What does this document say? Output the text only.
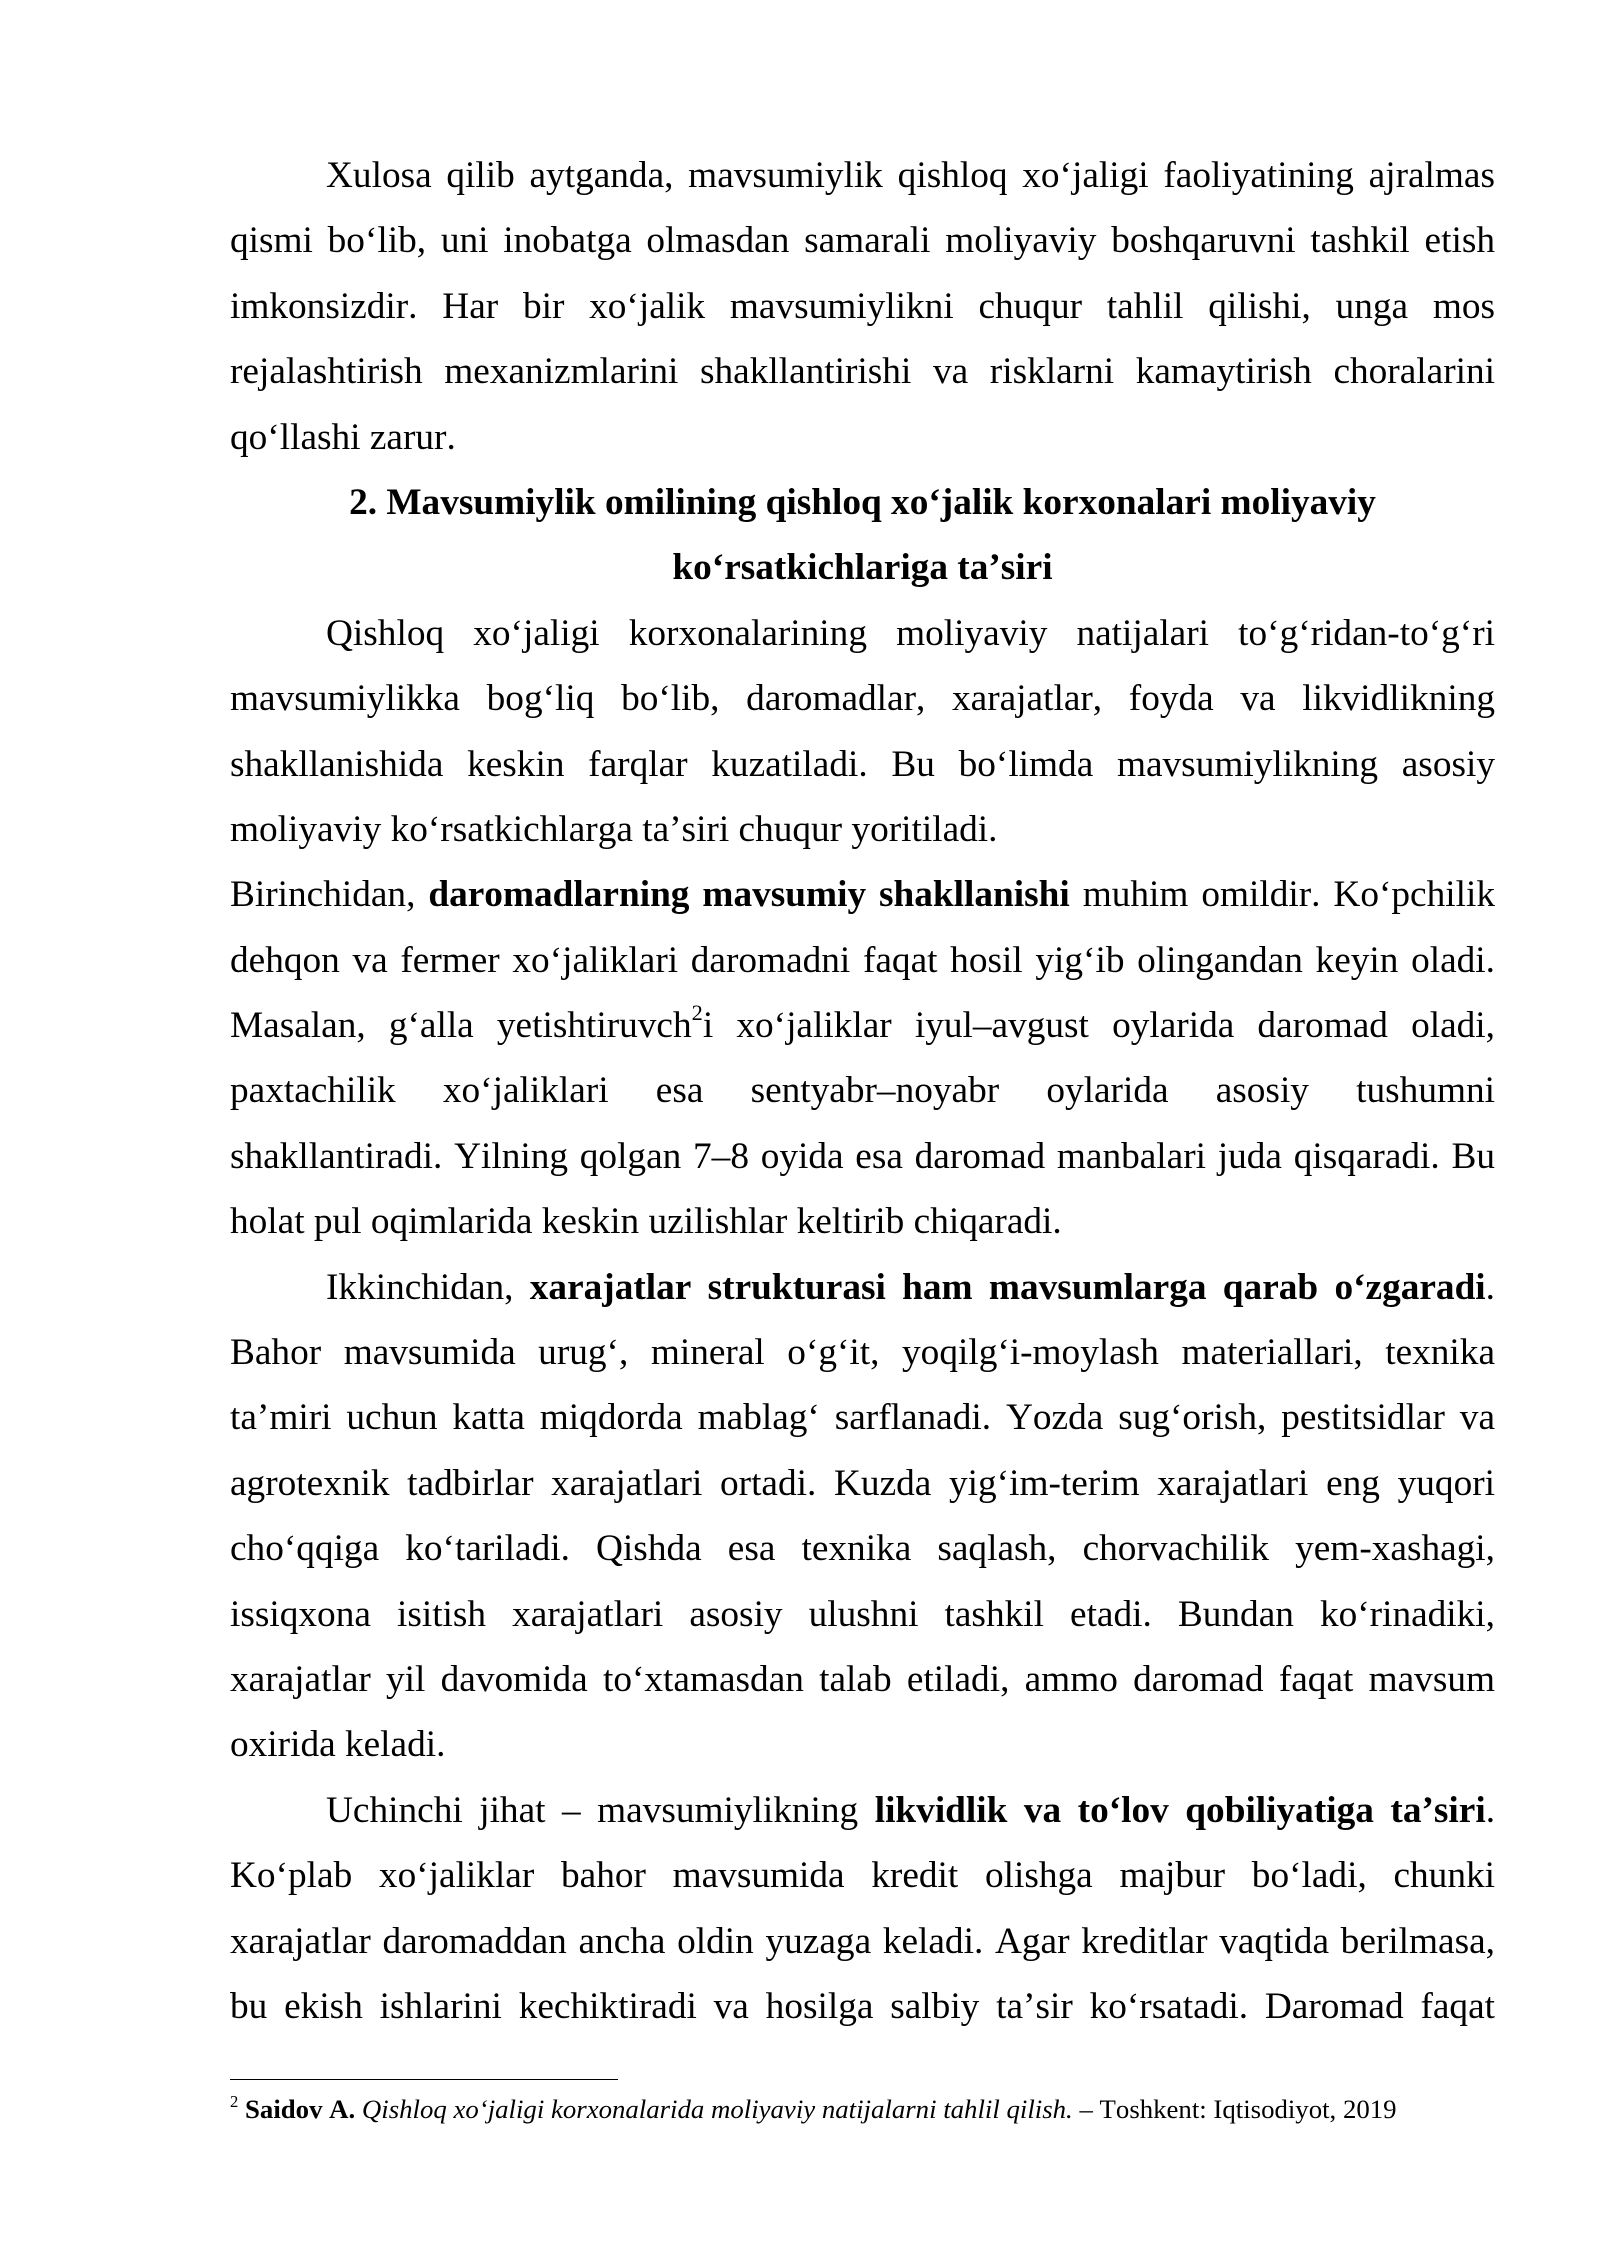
Xulosa qilib aytganda, mavsumiylik qishloq xo‘jaligi faoliyatining ajralmas
qismi bo‘lib, uni inobatga olmasdan samarali moliyaviy boshqaruvni tashkil etish
imkonsizdir. Har bir xo‘jalik mavsumiylikni chuqur tahlil qilishi, unga mos
rejalashtirish mexanizmlarini shakllantirishi va risklarni kamaytirish choralarini
qo‘llashi zarur.
2. Mavsumiylik omilining qishloq xo‘jalik korxonalari moliyaviy
ko‘rsatkichlariga ta’siri
Qishloq xo‘jaligi korxonalarining moliyaviy natijalari to‘g‘ridan-to‘g‘ri
mavsumiylikka bog‘liq bo‘lib, daromadlar, xarajatlar, foyda va likvidlikning
shakllanishida keskin farqlar kuzatiladi. Bu bo‘limda mavsumiylikning asosiy
moliyaviy ko‘rsatkichlarga ta’siri chuqur yoritiladi.
Birinchidan, daromadlarning mavsumiy shakllanishi muhim omildir. Ko‘pchilik
dehqon va fermer xo‘jaliklari daromadni faqat hosil yig‘ib olingandan keyin oladi.
Masalan, g‘alla yetishtiruvch$^2$i xo‘jaliklar iyul–avgust oylarida daromad oladi,
paxtachilik xo‘jaliklari esa sentyabr–noyabr oylarida asosiy tushumni
shakllantiradi. Yilning qolgan 7–8 oyida esa daromad manbalari juda qisqaradi. Bu
holat pul oqimlarida keskin uzilishlar keltirib chiqaradi.
Ikkinchidan, xarajatlar strukturasi ham mavsumlarga qarab o‘zgaradi.
Bahor mavsumida urug‘, mineral o‘g‘it, yoqilg‘i-moylash materiallari, texnika
ta’miri uchun katta miqdorda mablag‘ sarflanadi. Yozda sug‘orish, pestitsidlar va
agrotexnik tadbirlar xarajatlari ortadi. Kuzda yig‘im-terim xarajatlari eng yuqori
cho‘qqiga ko‘tariladi. Qishda esa texnika saqlash, chorvachilik yem-xashagi,
issiqxona isitish xarajatlari asosiy ulushni tashkil etadi. Bundan ko‘rinadiki,
xarajatlar yil davomida to‘xtamasdan talab etiladi, ammo daromad faqat mavsum
oxirida keladi.
Uchinchi jihat – mavsumiylikning likvidlik va to‘lov qobiliyatiga ta’siri.
Ko‘plab xo‘jaliklar bahor mavsumida kredit olishga majbur bo‘ladi, chunki
xarajatlar daromaddan ancha oldin yuzaga keladi. Agar kreditlar vaqtida berilmasa,
bu ekish ishlarini kechiktiradi va hosilga salbiy ta’sir ko‘rsatadi. Daromad faqat
$^2$ Saidov A. Qishloq xo‘jaligi korxonalarida moliyaviy natijalarni tahlil qilish. – Toshkent: Iqtisodiyot, 2019
